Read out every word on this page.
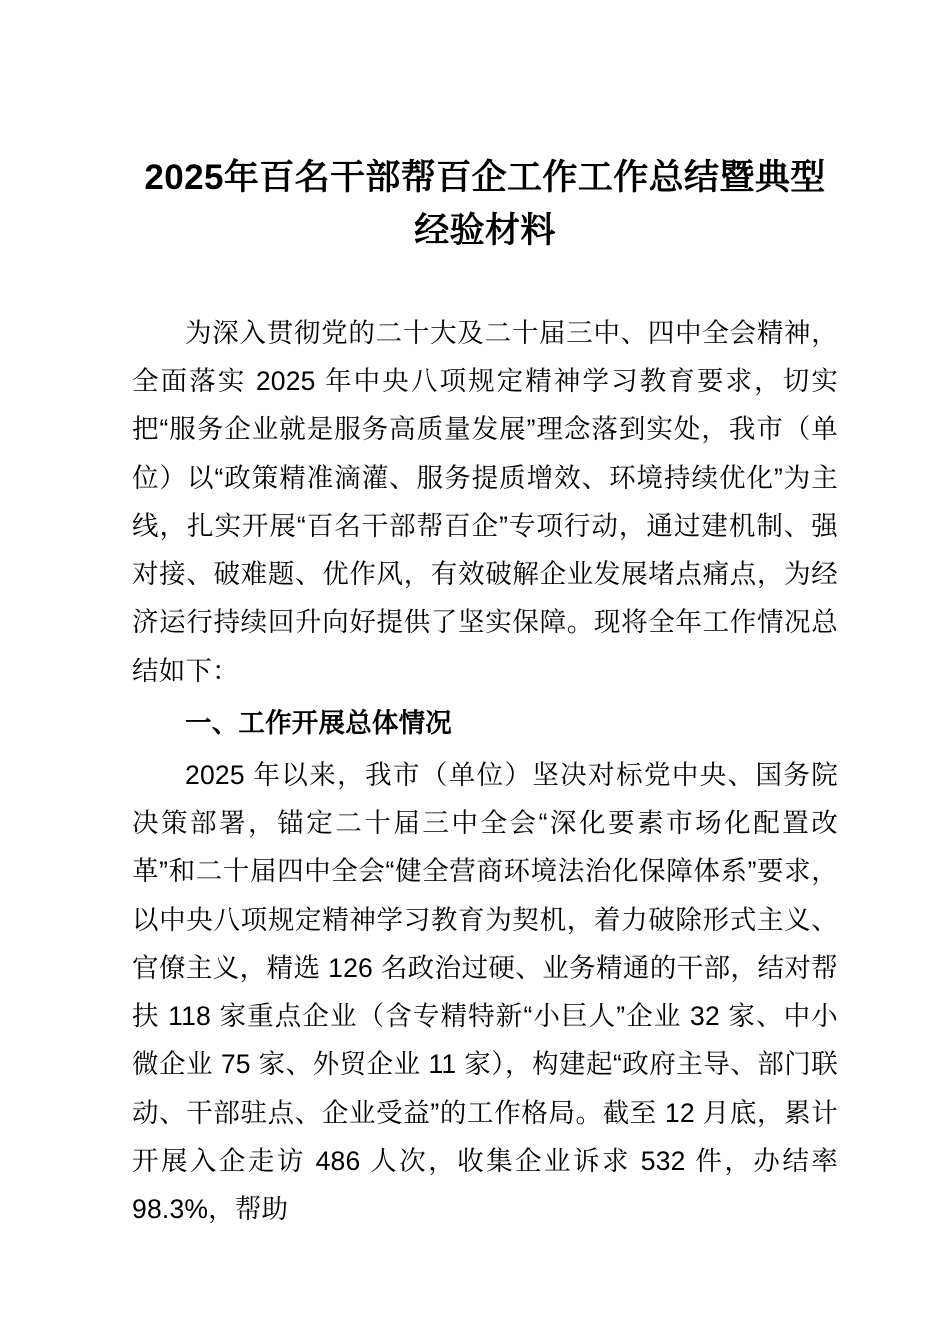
2025年百名干部帮百企工作工作总结暨典型经验材料

为深入贯彻党的二十大及二十届三中、四中全会精神，全面落实 2025 年中央八项规定精神学习教育要求，切实把“服务企业就是服务高质量发展”理念落到实处，我市（单位）以“政策精准滴灌、服务提质增效、环境持续优化”为主线，扎实开展“百名干部帮百企”专项行动，通过建机制、强对接、破难题、优作风，有效破解企业发展堵点痛点，为经济运行持续回升向好提供了坚实保障。现将全年工作情况总结如下：

一、工作开展总体情况

2025 年以来，我市（单位）坚决对标党中央、国务院决策部署，锚定二十届三中全会“深化要素市场化配置改革”和二十届四中全会“健全营商环境法治化保障体系”要求，以中央八项规定精神学习教育为契机，着力破除形式主义、官僚主义，精选 126 名政治过硬、业务精通的干部，结对帮扶 118 家重点企业（含专精特新“小巨人”企业 32 家、中小微企业 75 家、外贸企业 11 家），构建起“政府主导、部门联动、干部驻点、企业受益”的工作格局。截至 12 月底，累计开展入企走访 486 人次，收集企业诉求 532 件，办结率 98.3%，帮助
